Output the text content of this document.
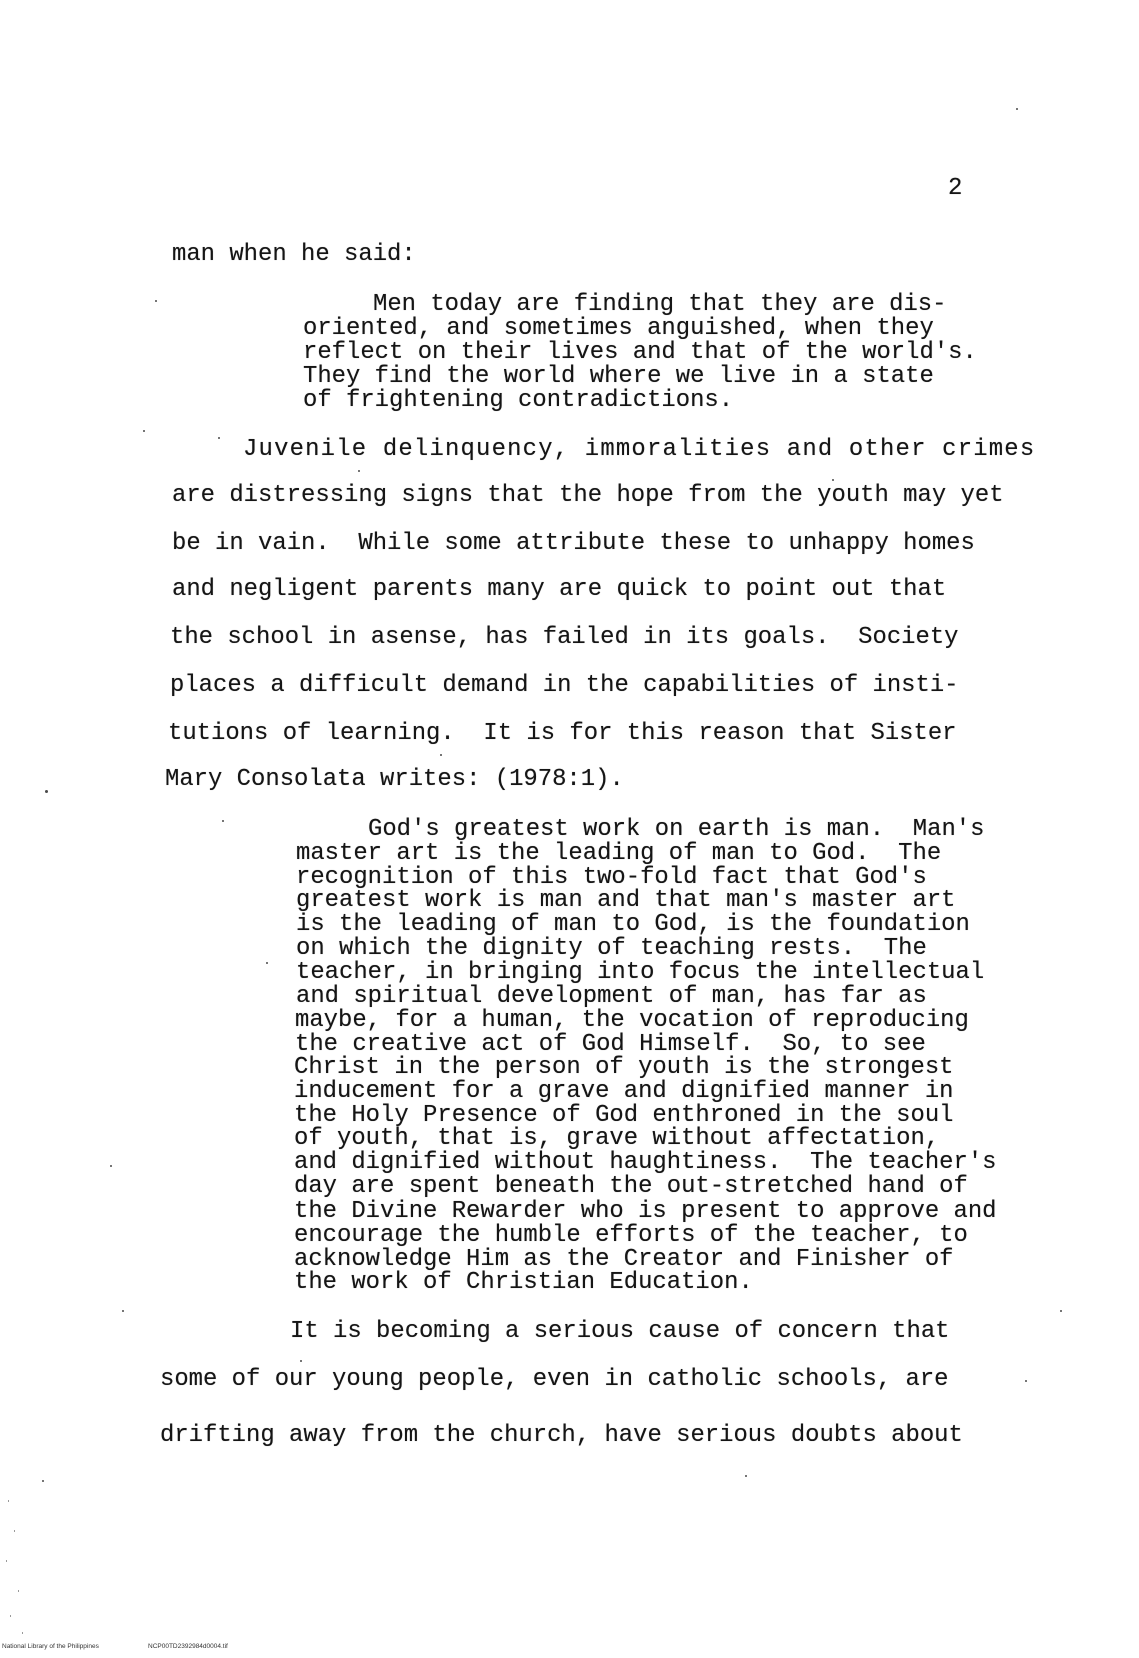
2
man when he said:
Men today are finding that they are dis-
oriented, and sometimes anguished, when they
reflect on their lives and that of the world's.
They find the world where we live in a state
of frightening contradictions.
Juvenile delinquency, immoralities and other crimes
are distressing signs that the hope from the youth may yet
be in vain.  While some attribute these to unhappy homes
and negligent parents many are quick to point out that
the school in asense, has failed in its goals.  Society
places a difficult demand in the capabilities of insti-
tutions of learning.  It is for this reason that Sister
Mary Consolata writes: (1978:1).
God's greatest work on earth is man.  Man's
master art is the leading of man to God.  The
recognition of this two-fold fact that God's
greatest work is man and that man's master art
is the leading of man to God, is the foundation
on which the dignity of teaching rests.  The
teacher, in bringing into focus the intellectual
and spiritual development of man, has far as
maybe, for a human, the vocation of reproducing
the creative act of God Himself.  So, to see
Christ in the person of youth is the strongest
inducement for a grave and dignified manner in
the Holy Presence of God enthroned in the soul
of youth, that is, grave without affectation,
and dignified without haughtiness.  The teacher's
day are spent beneath the out-stretched hand of
the Divine Rewarder who is present to approve and
encourage the humble efforts of the teacher, to
acknowledge Him as the Creator and Finisher of
the work of Christian Education.
It is becoming a serious cause of concern that
some of our young people, even in catholic schools, are
drifting away from the church, have serious doubts about
National Library of the Philippines	NCP00TD2392984d0004.tif
